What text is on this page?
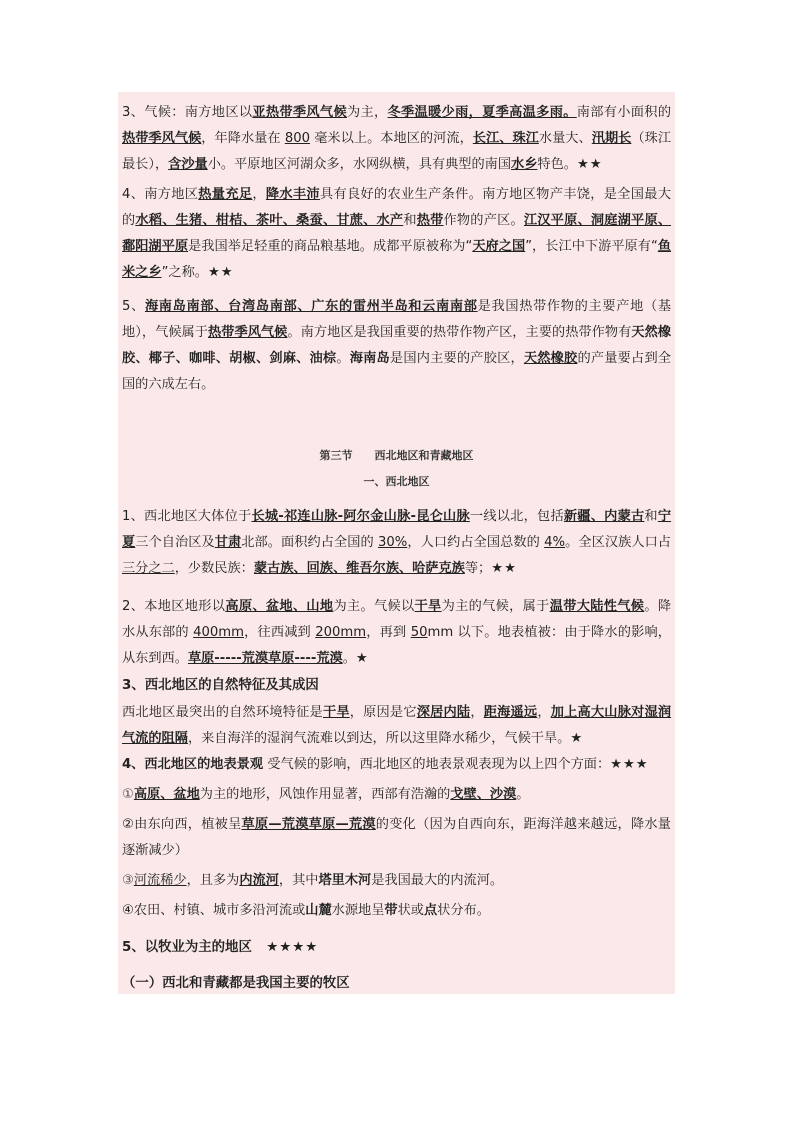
3、气候：南方地区以亚热带季风气候为主，冬季温暖少雨，夏季高温多雨。南部有小面积的热带季风气候，年降水量在 800 毫米以上。本地区的河流，长江、珠江水量大、汛期长（珠江最长），含沙量小。平原地区河湖众多，水网纵横，具有典型的南国水乡特色。★★

4、南方地区热量充足，降水丰沛具有良好的农业生产条件。南方地区物产丰饶，是全国最大的水稻、生猪、柑桔、茶叶、桑蚕、甘蔗、水产和热带作物的产区。江汉平原、洞庭湖平原、鄱阳湖平原是我国举足轻重的商品粮基地。成都平原被称为“天府之国”，长江中下游平原有“鱼米之乡”之称。★★

5、海南岛南部、台湾岛南部、广东的雷州半岛和云南南部是我国热带作物的主要产地（基地），气候属于热带季风气候。南方地区是我国重要的热带作物产区，主要的热带作物有天然橡胶、椰子、咖啡、胡椒、剑麻、油棕。海南岛是国内主要的产胶区，天然橡胶的产量要占到全国的六成左右。

第三节　　西北地区和青藏地区
一、西北地区

1、西北地区大体位于长城-祁连山脉-阿尔金山脉-昆仑山脉一线以北，包括新疆、内蒙古和宁夏三个自治区及甘肃北部。面积约占全国的 30%，人口约占全国总数的 4%。全区汉族人口占三分之二，少数民族：蒙古族、回族、维吾尔族、哈萨克族等；★★

2、本地区地形以高原、盆地、山地为主。气候以干旱为主的气候，属于温带大陆性气候。降水从东部的 400mm，往西减到 200mm，再到 50mm 以下。地表植被：由于降水的影响，从东到西。草原-----荒漠草原----荒漠。★

3、西北地区的自然特征及其成因

西北地区最突出的自然环境特征是干旱，原因是它深居内陆，距海遥远，加上高大山脉对湿润气流的阻隔，来自海洋的湿润气流难以到达，所以这里降水稀少，气候干旱。★

4、西北地区的地表景观 受气候的影响，西北地区的地表景观表现为以上四个方面：★★★

①高原、盆地为主的地形，风蚀作用显著，西部有浩瀚的戈壁、沙漠。

②由东向西，植被呈草原—荒漠草原—荒漠的变化（因为自西向东，距海洋越来越远，降水量逐渐减少）

③河流稀少，且多为内流河，其中塔里木河是我国最大的内流河。

④农田、村镇、城市多沿河流或山麓水源地呈带状或点状分布。

5、以牧业为主的地区　★★★★

（一）西北和青藏都是我国主要的牧区
